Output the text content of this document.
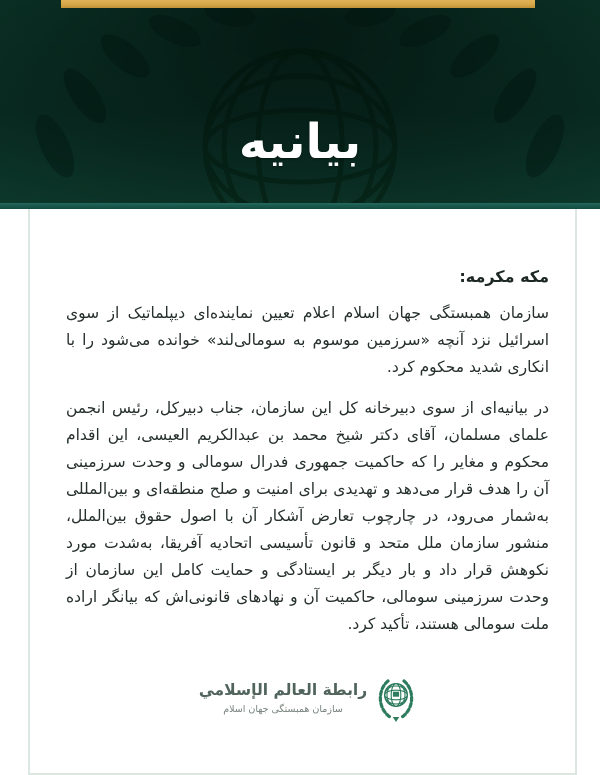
بیانیه

مکه مکرمه:

سازمان همبستگی جهان اسلام اعلام تعیین نماینده‌ای دیپلماتیک از سوی اسرائیل نزد آنچه «سرزمین موسوم به سومالی‌لند» خوانده می‌شود را با انکاری شدید محکوم کرد.

در بیانیه‌ای از سوی دبیرخانه کل این سازمان، جناب دبیرکل، رئیس انجمن علمای مسلمان، آقای دکتر شیخ محمد بن عبدالکریم العیسی، این اقدام محکوم و مغایر را که حاکمیت جمهوری فدرال سومالی و وحدت سرزمینی آن را هدف قرار می‌دهد و تهدیدی برای امنیت و صلح منطقه‌ای و بین‌المللی به‌شمار می‌رود، در چارچوب تعارض آشکار آن با اصول حقوق بین‌الملل، منشور سازمان ملل متحد و قانون تأسیسی اتحادیه آفریقا، به‌شدت مورد نکوهش قرار داد و بار دیگر بر ایستادگی و حمایت کامل این سازمان از وحدت سرزمینی سومالی، حاکمیت آن و نهادهای قانونی‌اش که بیانگر اراده ملت سومالی هستند، تأکید کرد.

رابطة العالم الإسلامي
سازمان همبستگی جهان اسلام
